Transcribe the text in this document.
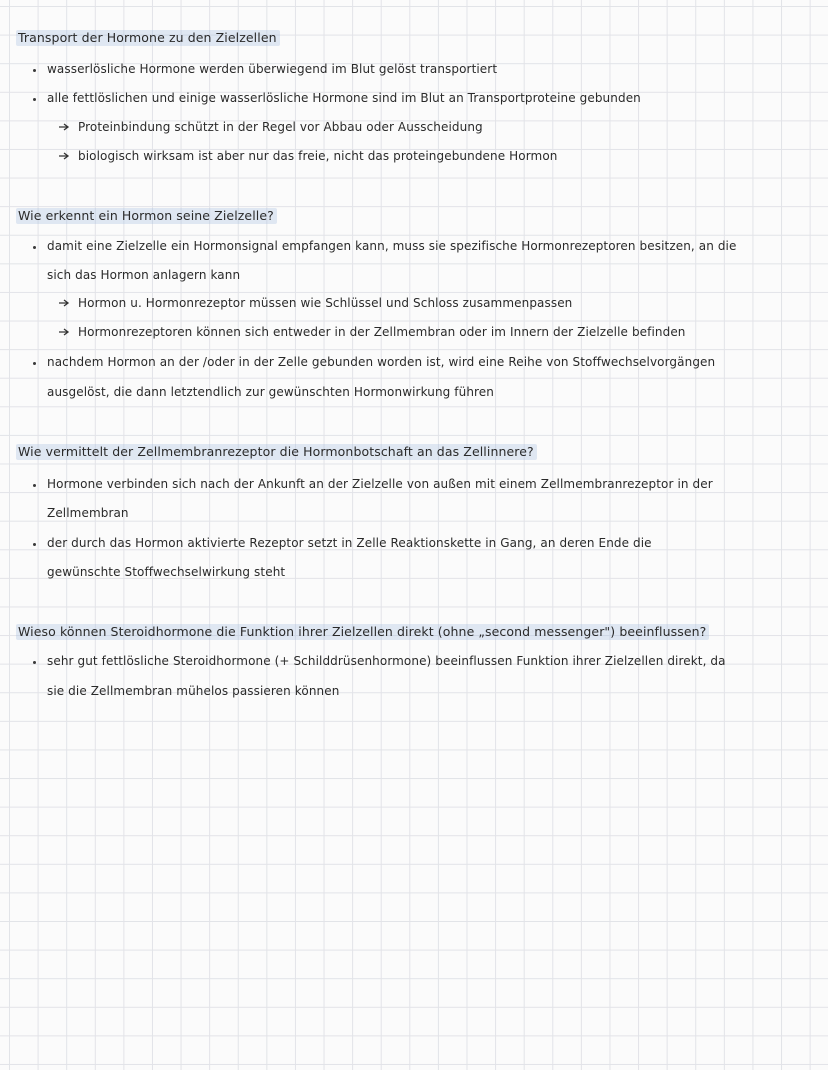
Transport der Hormone zu den Zielzellen
wasserlösliche Hormone werden überwiegend im Blut gelöst transportiert
alle fettlöslichen und einige wasserlösliche Hormone sind im Blut an Transportproteine gebunden
Proteinbindung schützt in der Regel vor Abbau oder Ausscheidung
biologisch wirksam ist aber nur das freie, nicht das proteingebundene Hormon
Wie erkennt ein Hormon seine Zielzelle?
damit eine Zielzelle ein Hormonsignal empfangen kann, muss sie spezifische Hormonrezeptoren besitzen, an die
sich das Hormon anlagern kann
Hormon u. Hormonrezeptor müssen wie Schlüssel und Schloss zusammenpassen
Hormonrezeptoren können sich entweder in der Zellmembran oder im Innern der Zielzelle befinden
nachdem Hormon an der /oder in der Zelle gebunden worden ist, wird eine Reihe von Stoffwechselvorgängen
ausgelöst, die dann letztendlich zur gewünschten Hormonwirkung führen
Wie vermittelt der Zellmembranrezeptor die Hormonbotschaft an das Zellinnere?
Hormone verbinden sich nach der Ankunft an der Zielzelle von außen mit einem Zellmembranrezeptor in der
Zellmembran
der durch das Hormon aktivierte Rezeptor setzt in Zelle Reaktionskette in Gang, an deren Ende die
gewünschte Stoffwechselwirkung steht
Wieso können Steroidhormone die Funktion ihrer Zielzellen direkt (ohne „second messenger") beeinflussen?
sehr gut fettlösliche Steroidhormone (+ Schilddrüsenhormone) beeinflussen Funktion ihrer Zielzellen direkt, da
sie die Zellmembran mühelos passieren können
